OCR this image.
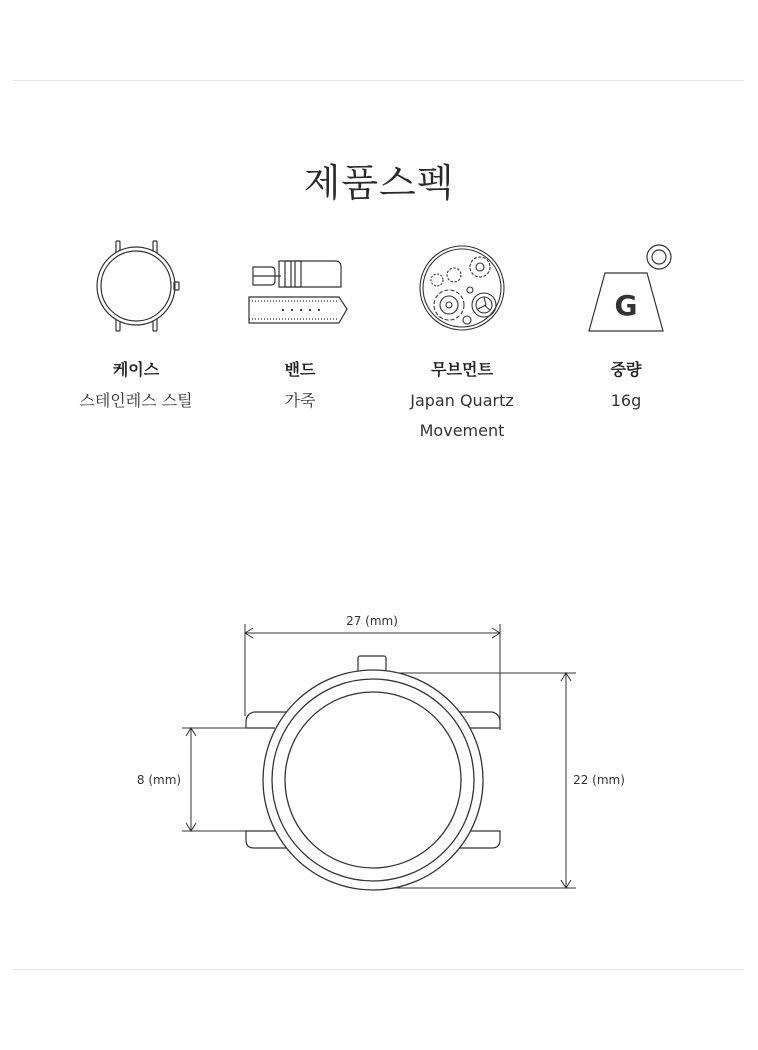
제품스펙
케이스
스테인레스 스틸
밴드
가죽
무브먼트
Japan Quartz Movement
G
중량
16g
27 (mm)
8 (mm)	22 (mm)
